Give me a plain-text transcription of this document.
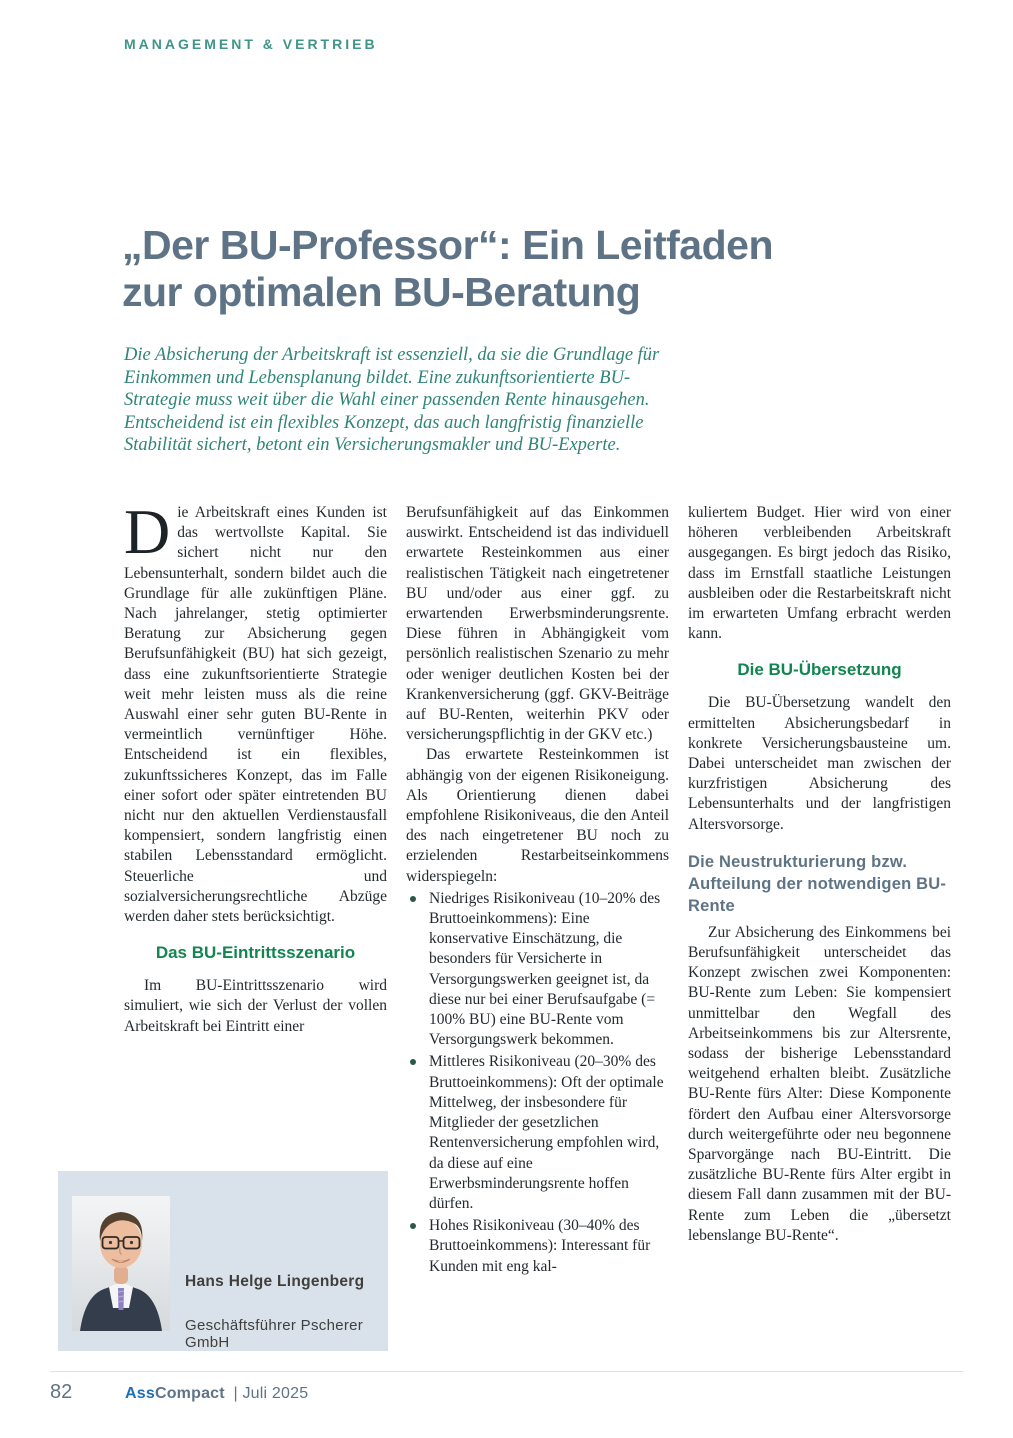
MANAGEMENT & VERTRIEB
„Der BU-Professor“: Ein Leitfaden
zur optimalen BU-Beratung
Die Absicherung der Arbeitskraft ist essenziell, da sie die Grundlage für Einkommen und Lebensplanung bildet. Eine zukunftsorientierte BU-Strategie muss weit über die Wahl einer passenden Rente hinausgehen. Entscheidend ist ein flexibles Konzept, das auch langfristig finanzielle Stabilität sichert, betont ein Versicherungsmakler und BU-Experte.

Die Arbeitskraft eines Kunden ist das wertvollste Kapital. Sie sichert nicht nur den Lebensunterhalt, sondern bildet auch die Grundlage für alle zukünftigen Pläne. Nach jahrelanger, stetig optimierter Beratung zur Absicherung gegen Berufsunfähigkeit (BU) hat sich gezeigt, dass eine zukunftsorientierte Strategie weit mehr leisten muss als die reine Auswahl einer sehr guten BU-Rente in vermeintlich vernünftiger Höhe. Entscheidend ist ein flexibles, zukunftssicheres Konzept, das im Falle einer sofort oder später eintretenden BU nicht nur den aktuellen Verdienstausfall kompensiert, sondern langfristig einen stabilen Lebensstandard ermöglicht. Steuerliche und sozialversicherungsrechtliche Abzüge werden daher stets berücksichtigt.

Das BU-Eintrittsszenario

Im BU-Eintrittsszenario wird simuliert, wie sich der Verlust der vollen Arbeitskraft bei Eintritt einer

Berufsunfähigkeit auf das Einkommen auswirkt. Entscheidend ist das individuell erwartete Resteinkommen aus einer realistischen Tätigkeit nach eingetretener BU und/oder aus einer ggf. zu erwartenden Erwerbsminderungsrente. Diese führen in Abhängigkeit vom persönlich realistischen Szenario zu mehr oder weniger deutlichen Kosten bei der Krankenversicherung (ggf. GKV-Beiträge auf BU-Renten, weiterhin PKV oder versicherungspflichtig in der GKV etc.)

Das erwartete Resteinkommen ist abhängig von der eigenen Risikoneigung. Als Orientierung dienen dabei empfohlene Risikoniveaus, die den Anteil des nach eingetretener BU noch zu erzielenden Restarbeitseinkommens widerspiegeln:

Niedriges Risikoniveau (10–20% des Bruttoeinkommens): Eine konservative Einschätzung, die besonders für Versicherte in Versorgungswerken geeignet ist, da diese nur bei einer Berufsaufgabe (= 100% BU) eine BU-Rente vom Versorgungswerk bekommen.
Mittleres Risikoniveau (20–30% des Bruttoeinkommens): Oft der optimale Mittelweg, der insbesondere für Mitglieder der gesetzlichen Rentenversicherung empfohlen wird, da diese auf eine Erwerbsminderungsrente hoffen dürfen.
Hohes Risikoniveau (30–40% des Bruttoeinkommens): Interessant für Kunden mit eng kal-

kuliertem Budget. Hier wird von einer höheren verbleibenden Arbeitskraft ausgegangen. Es birgt jedoch das Risiko, dass im Ernstfall staatliche Leistungen ausbleiben oder die Restarbeitskraft nicht im erwarteten Umfang erbracht werden kann.

Die BU-Übersetzung

Die BU-Übersetzung wandelt den ermittelten Absicherungsbedarf in konkrete Versicherungsbausteine um. Dabei unterscheidet man zwischen der kurzfristigen Absicherung des Lebensunterhalts und der langfristigen Altersvorsorge.

Die Neustrukturierung bzw. Aufteilung der notwendigen BU-Rente

Zur Absicherung des Einkommens bei Berufsunfähigkeit unterscheidet das Konzept zwischen zwei Komponenten: BU-Rente zum Leben: Sie kompensiert unmittelbar den Wegfall des Arbeitseinkommens bis zur Altersrente, sodass der bisherige Lebensstandard weitgehend erhalten bleibt. Zusätzliche BU-Rente fürs Alter: Diese Komponente fördert den Aufbau einer Altersvorsorge durch weitergeführte oder neu begonnene Sparvorgänge nach BU-Eintritt. Die zusätzliche BU-Rente fürs Alter ergibt in diesem Fall dann zusammen mit der BU-Rente zum Leben die „übersetzt lebenslange BU-Rente“.

Hans Helge Lingenberg
Geschäftsführer Pscherer GmbH
82	AssCompact | Juli 2025
